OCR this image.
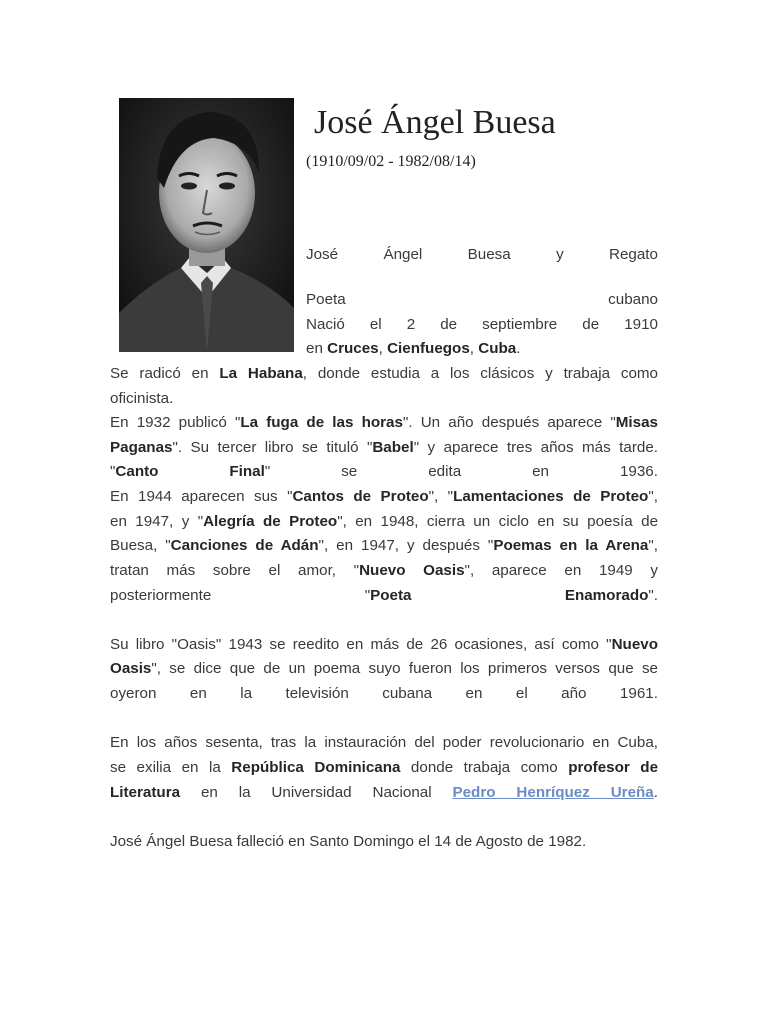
José Ángel Buesa
(1910/09/02 - 1982/08/14)
José	Ángel	Buesa	y	Regato
Poeta	cubano
Nació el 2 de septiembre de 1910
en Cruces, Cienfuegos, Cuba.
Se radicó en La Habana, donde estudia a los clásicos y trabaja como
oficinista.
En 1932 publicó "La fuga de las horas". Un año después aparece "Misas
Paganas". Su tercer libro se tituló "Babel" y aparece tres años más tarde.
"Canto	Final"	se	edita	en	1936.
En 1944 aparecen sus "Cantos de Proteo", "Lamentaciones de Proteo",
en 1947, y "Alegría de Proteo", en 1948, cierra un ciclo en su poesía de
Buesa, "Canciones de Adán", en 1947, y después "Poemas en la Arena",
tratan más sobre el amor, "Nuevo Oasis", aparece en 1949 y
posteriormente	"Poeta	Enamorado".
Su libro "Oasis" 1943 se reedito en más de 26 ocasiones, así como "Nuevo
Oasis", se dice que de un poema suyo fueron los primeros versos que se
oyeron en la televisión cubana en el año 1961.
En los años sesenta, tras la instauración del poder revolucionario en Cuba,
se exilia en la República Dominicana donde trabaja como profesor de
Literatura en la Universidad Nacional Pedro Henríquez Ureña.
José Ángel Buesa falleció en Santo Domingo el 14 de Agosto de 1982.
